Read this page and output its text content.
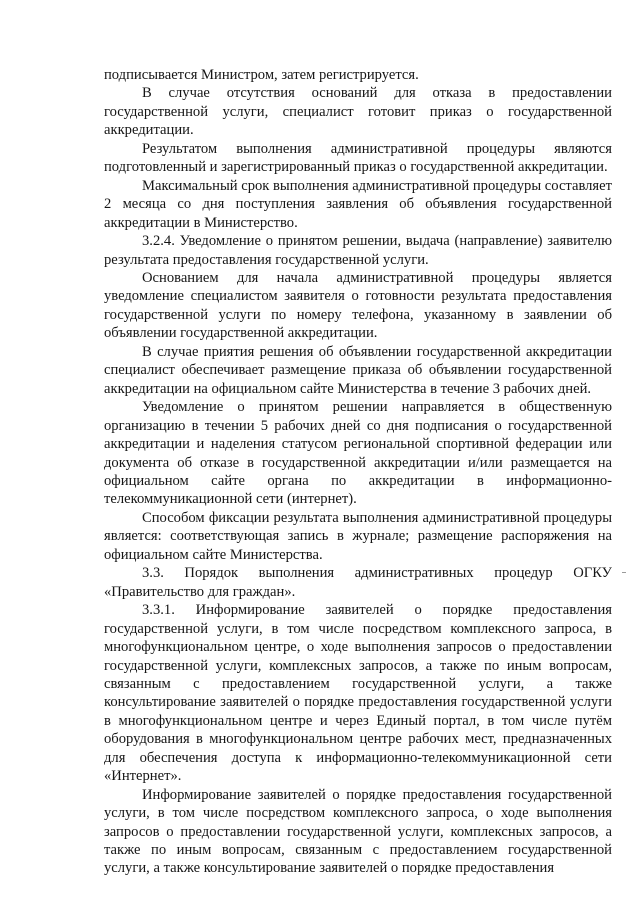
подписывается Министром, затем регистрируется.

В случае отсутствия оснований для отказа в предоставлении государственной услуги, специалист готовит приказ о государственной аккредитации.

Результатом выполнения административной процедуры являются подготовленный и зарегистрированный приказ о государственной аккредитации.

Максимальный срок выполнения административной процедуры составляет 2 месяца со дня поступления заявления об объявления государственной аккредитации в Министерство.

3.2.4. Уведомление о принятом решении, выдача (направление) заявителю результата предоставления государственной услуги.

Основанием для начала административной процедуры является уведомление специалистом заявителя о готовности результата предоставления государственной услуги по номеру телефона, указанному в заявлении об объявлении государственной аккредитации.

В случае приятия решения об объявлении государственной аккредитации специалист обеспечивает размещение приказа об объявлении государственной аккредитации на официальном сайте Министерства в течение 3 рабочих дней.

Уведомление о принятом решении направляется в общественную организацию в течении 5 рабочих дней со дня подписания о государственной аккредитации и наделения статусом региональной спортивной федерации или документа об отказе в государственной аккредитации и/или размещается на официальном сайте органа по аккредитации в информационно-телекоммуникационной сети (интернет).

Способом фиксации результата выполнения административной процедуры является: соответствующая запись в журнале; размещение распоряжения на официальном сайте Министерства.

3.3. Порядок выполнения административных процедур ОГКУ «Правительство для граждан».

3.3.1. Информирование заявителей о порядке предоставления государственной услуги, в том числе посредством комплексного запроса, в многофункциональном центре, о ходе выполнения запросов о предоставлении государственной услуги, комплексных запросов, а также по иным вопросам, связанным с предоставлением государственной услуги, а также консультирование заявителей о порядке предоставления государственной услуги в многофункциональном центре и через Единый портал, в том числе путём оборудования в многофункциональном центре рабочих мест, предназначенных для обеспечения доступа к информационно-телекоммуникационной сети «Интернет».

Информирование заявителей о порядке предоставления государственной услуги, в том числе посредством комплексного запроса, о ходе выполнения запросов о предоставлении государственной услуги, комплексных запросов, а также по иным вопросам, связанным с предоставлением государственной услуги, а также консультирование заявителей о порядке предоставления
